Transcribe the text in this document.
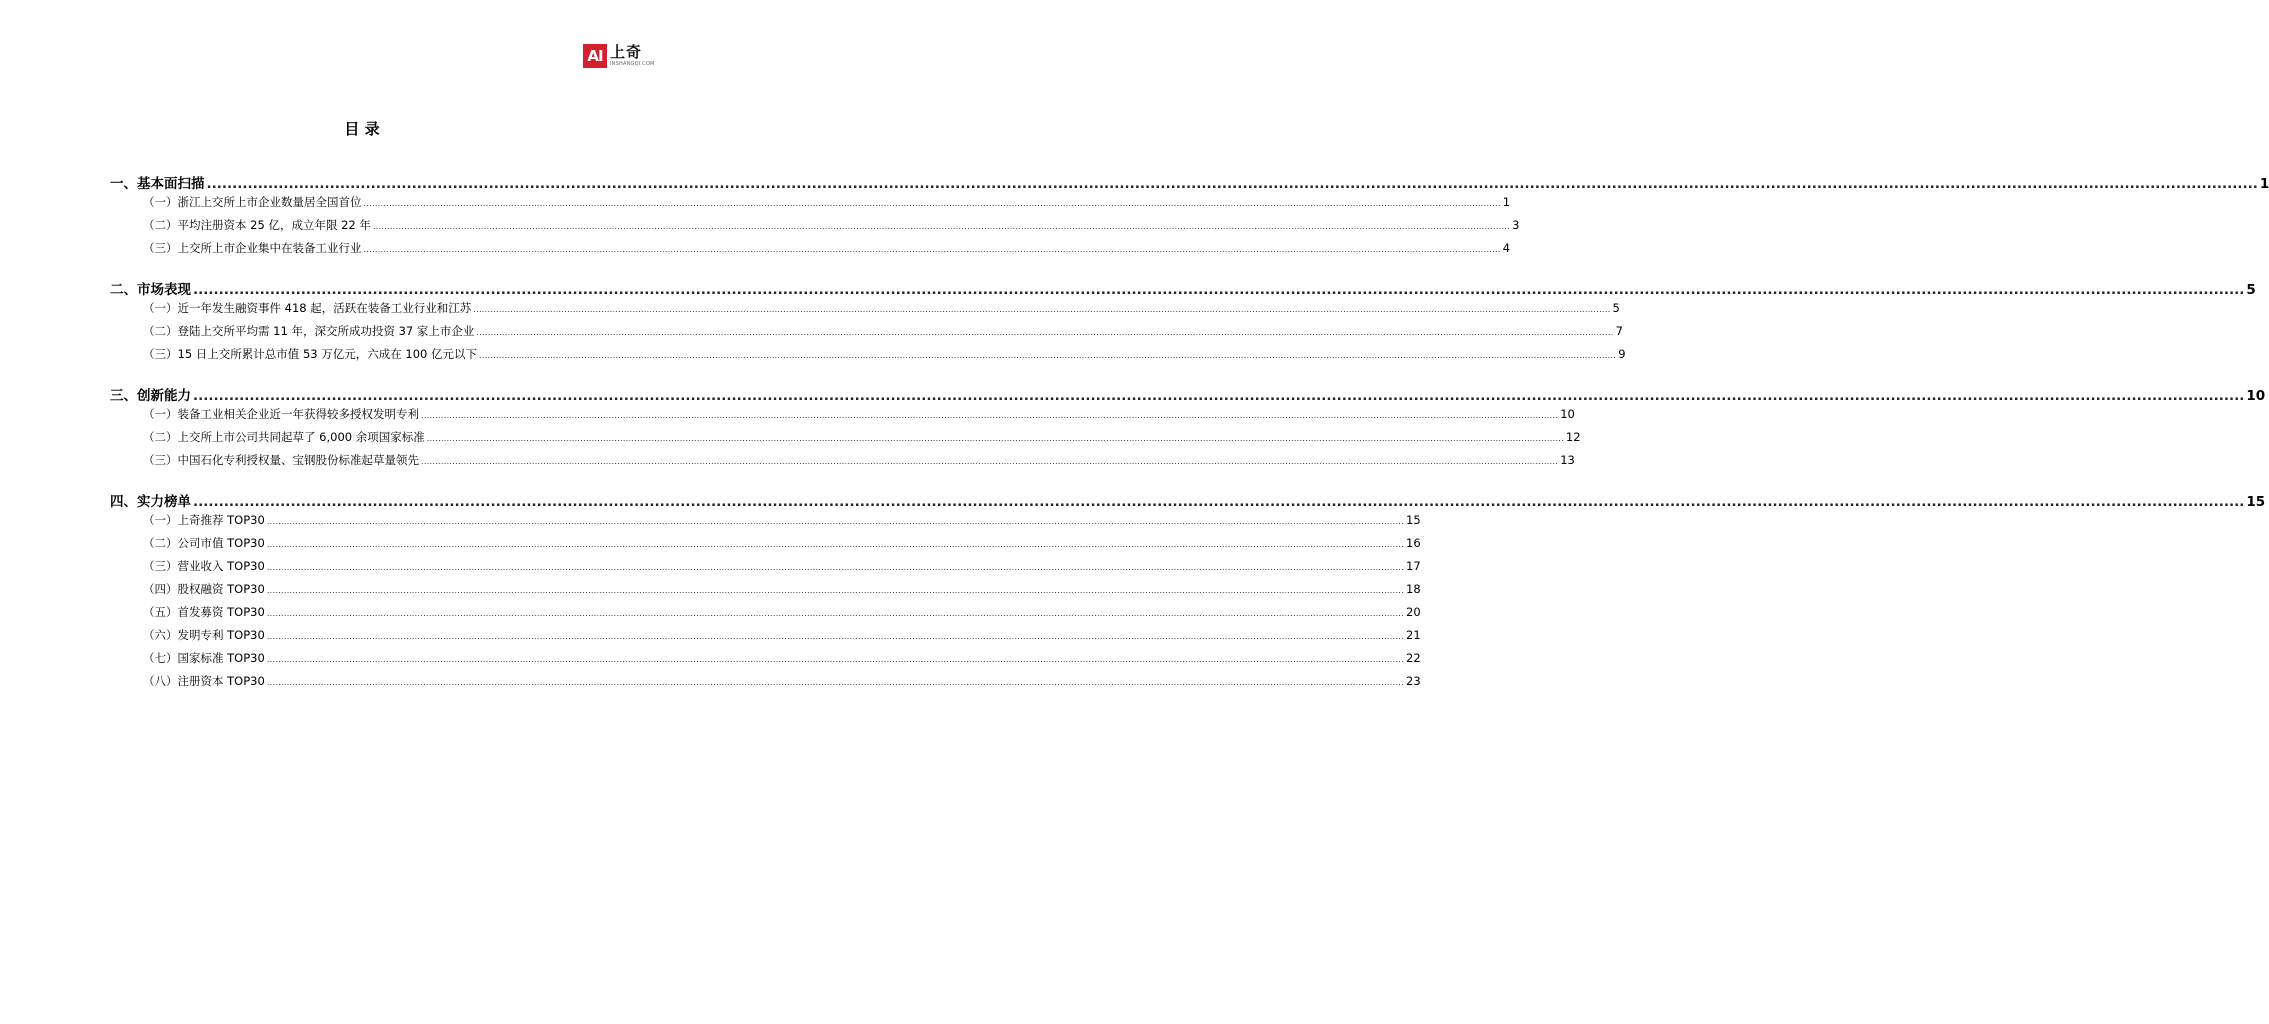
AI 上奇
INSHANGQI.COM
目 录
一、基本面扫描 ................................................................................................................................................................................................................................................................................................................................................................................................................ 1
（一）浙江上交所上市企业数量居全国首位 ................................................................................................................................................................................................................................................................................................................................................................................................................ 1
（二）平均注册资本 25 亿，成立年限 22 年 ................................................................................................................................................................................................................................................................................................................................................................................................................ 3
（三）上交所上市企业集中在装备工业行业 ................................................................................................................................................................................................................................................................................................................................................................................................................ 4
二、市场表现 ................................................................................................................................................................................................................................................................................................................................................................................................................ 5
（一）近一年发生融资事件 418 起，活跃在装备工业行业和江苏 ................................................................................................................................................................................................................................................................................................................................................................................................................ 5
（二）登陆上交所平均需 11 年，深交所成功投资 37 家上市企业 ................................................................................................................................................................................................................................................................................................................................................................................................................ 7
（三）15 日上交所累计总市值 53 万亿元，六成在 100 亿元以下 ................................................................................................................................................................................................................................................................................................................................................................................................................ 9
三、创新能力 ................................................................................................................................................................................................................................................................................................................................................................................................................ 10
（一）装备工业相关企业近一年获得较多授权发明专利 ................................................................................................................................................................................................................................................................................................................................................................................................................ 10
（二）上交所上市公司共同起草了 6,000 余项国家标准 ................................................................................................................................................................................................................................................................................................................................................................................................................ 12
（三）中国石化专利授权量、宝钢股份标准起草量领先 ................................................................................................................................................................................................................................................................................................................................................................................................................ 13
四、实力榜单 ................................................................................................................................................................................................................................................................................................................................................................................................................ 15
（一）上奇推荐 TOP30 ................................................................................................................................................................................................................................................................................................................................................................................................................ 15
（二）公司市值 TOP30 ................................................................................................................................................................................................................................................................................................................................................................................................................ 16
（三）营业收入 TOP30 ................................................................................................................................................................................................................................................................................................................................................................................................................ 17
（四）股权融资 TOP30 ................................................................................................................................................................................................................................................................................................................................................................................................................ 18
（五）首发募资 TOP30 ................................................................................................................................................................................................................................................................................................................................................................................................................ 20
（六）发明专利 TOP30 ................................................................................................................................................................................................................................................................................................................................................................................................................ 21
（七）国家标准 TOP30 ................................................................................................................................................................................................................................................................................................................................................................................................................ 22
（八）注册资本 TOP30 ................................................................................................................................................................................................................................................................................................................................................................................................................ 23
